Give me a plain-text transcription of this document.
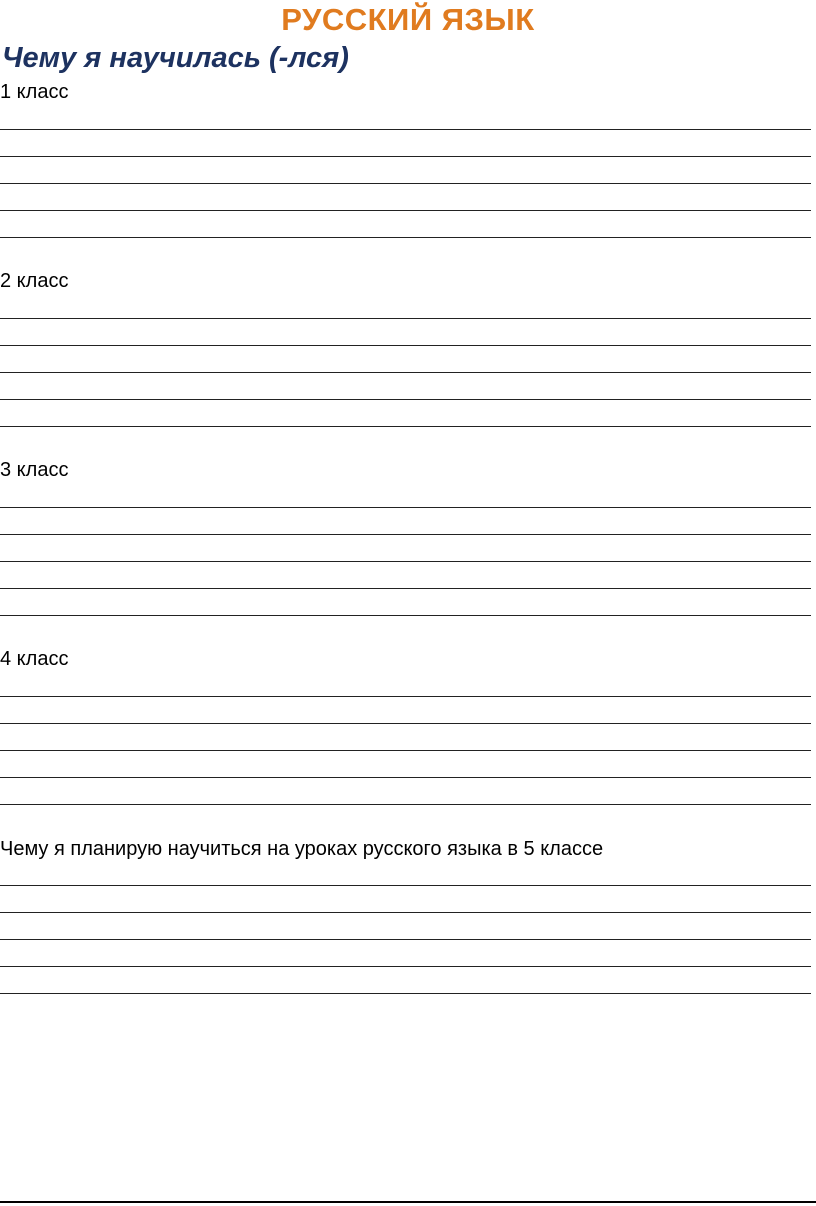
РУССКИЙ ЯЗЫК
Чему я научилась (-лся)
1 класс
2 класс
3 класс
4 класс
Чему я планирую научиться на уроках русского языка в 5 классе
